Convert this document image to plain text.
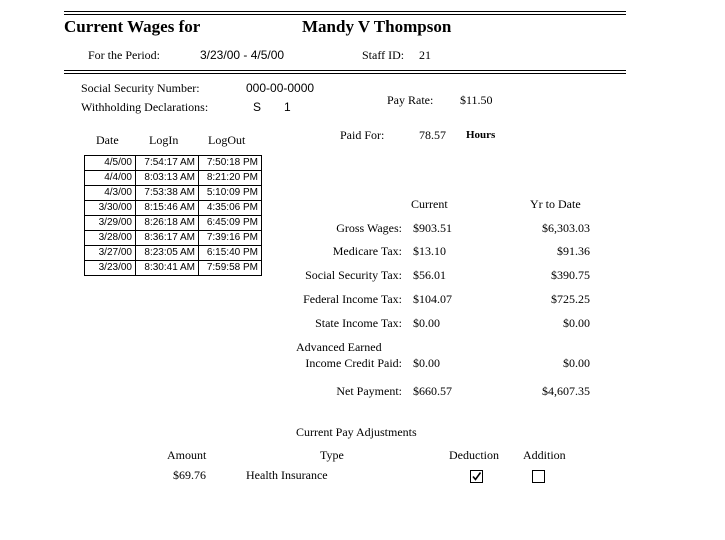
Current Wages for	Mandy V Thompson
For the Period:	3/23/00 - 4/5/00	Staff ID: 21
Social Security Number:	000-00-0000
Withholding Declarations:	S 1	Pay Rate: $11.50
Paid For:	78.57 Hours
Date	LogIn LogOut
4/5/00	7:54:17 AM	7:50:18 PM
4/4/00	8:03:13 AM	8:21:20 PM
4/3/00	7:53:38 AM	5:10:09 PM
3/30/00	8:15:46 AM	4:35:06 PM
3/29/00	8:26:18 AM	6:45:09 PM
3/28/00	8:36:17 AM	7:39:16 PM
3/27/00	8:23:05 AM	6:15:40 PM
3/23/00	8:30:41 AM	7:59:58 PM
Current	Yr to Date
Gross Wages: $903.51	$6,303.03
Medicare Tax: $13.10	$91.36
Social Security Tax: $56.01	$390.75
Federal Income Tax: $104.07	$725.25
State Income Tax: $0.00	$0.00
Advanced Earned
Income Credit Paid: $0.00	$0.00
Net Payment: $660.57	$4,607.35
Current Pay Adjustments
Amount	Type	Deduction Addition
$69.76	Health Insurance
